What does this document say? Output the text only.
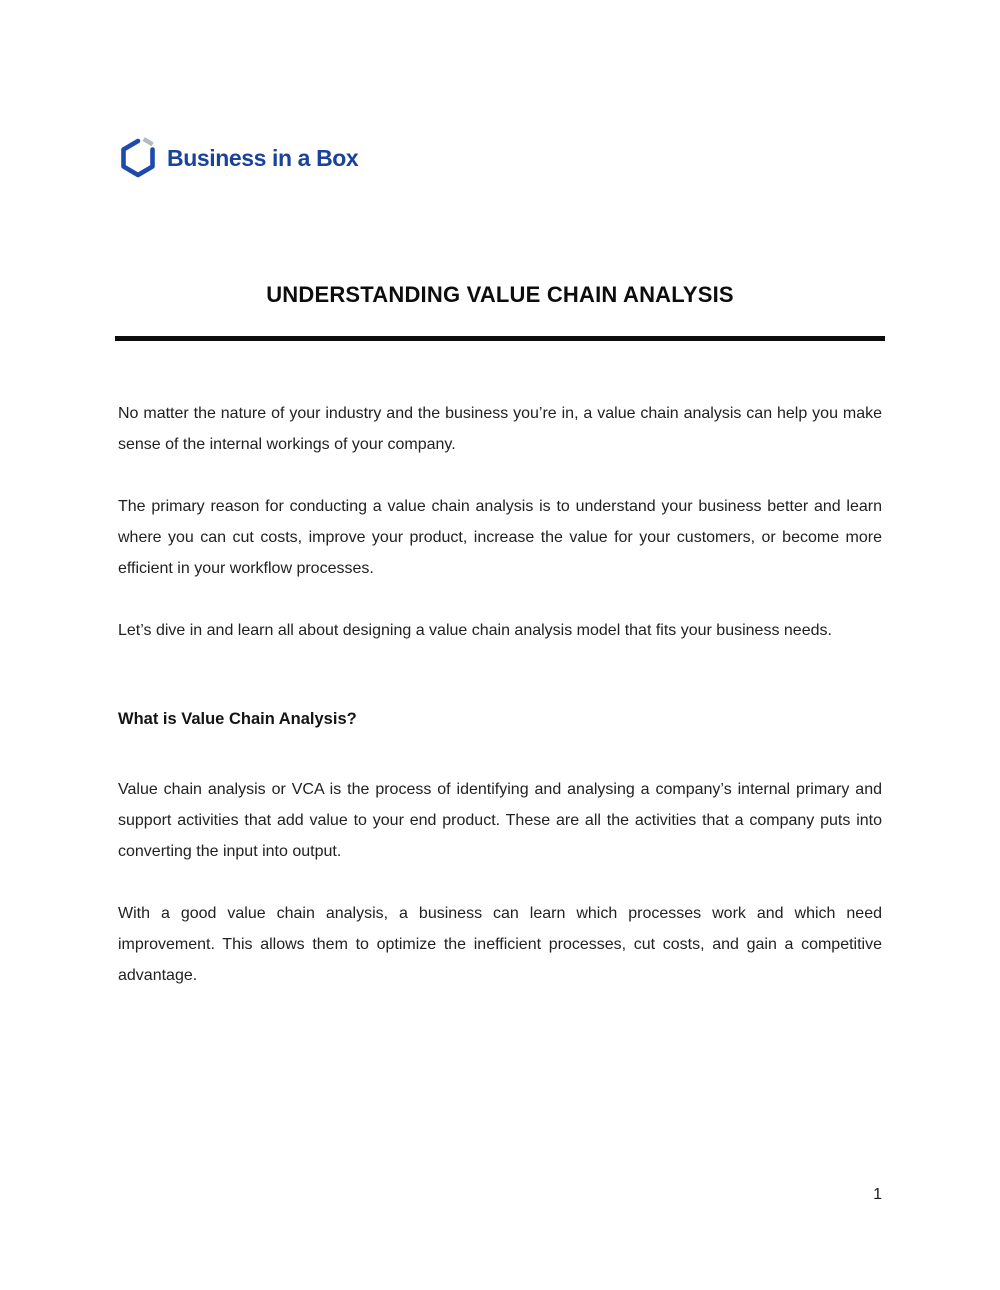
Business in a Box
UNDERSTANDING VALUE CHAIN ANALYSIS

No matter the nature of your industry and the business you’re in, a value chain analysis can help you make sense of the internal workings of your company.

The primary reason for conducting a value chain analysis is to understand your business better and learn where you can cut costs, improve your product, increase the value for your customers, or become more efficient in your workflow processes.

Let’s dive in and learn all about designing a value chain analysis model that fits your business needs.

What is Value Chain Analysis?

Value chain analysis or VCA is the process of identifying and analysing a company’s internal primary and support activities that add value to your end product. These are all the activities that a company puts into converting the input into output.

With a good value chain analysis, a business can learn which processes work and which need improvement. This allows them to optimize the inefficient processes, cut costs, and gain a competitive advantage.

1
